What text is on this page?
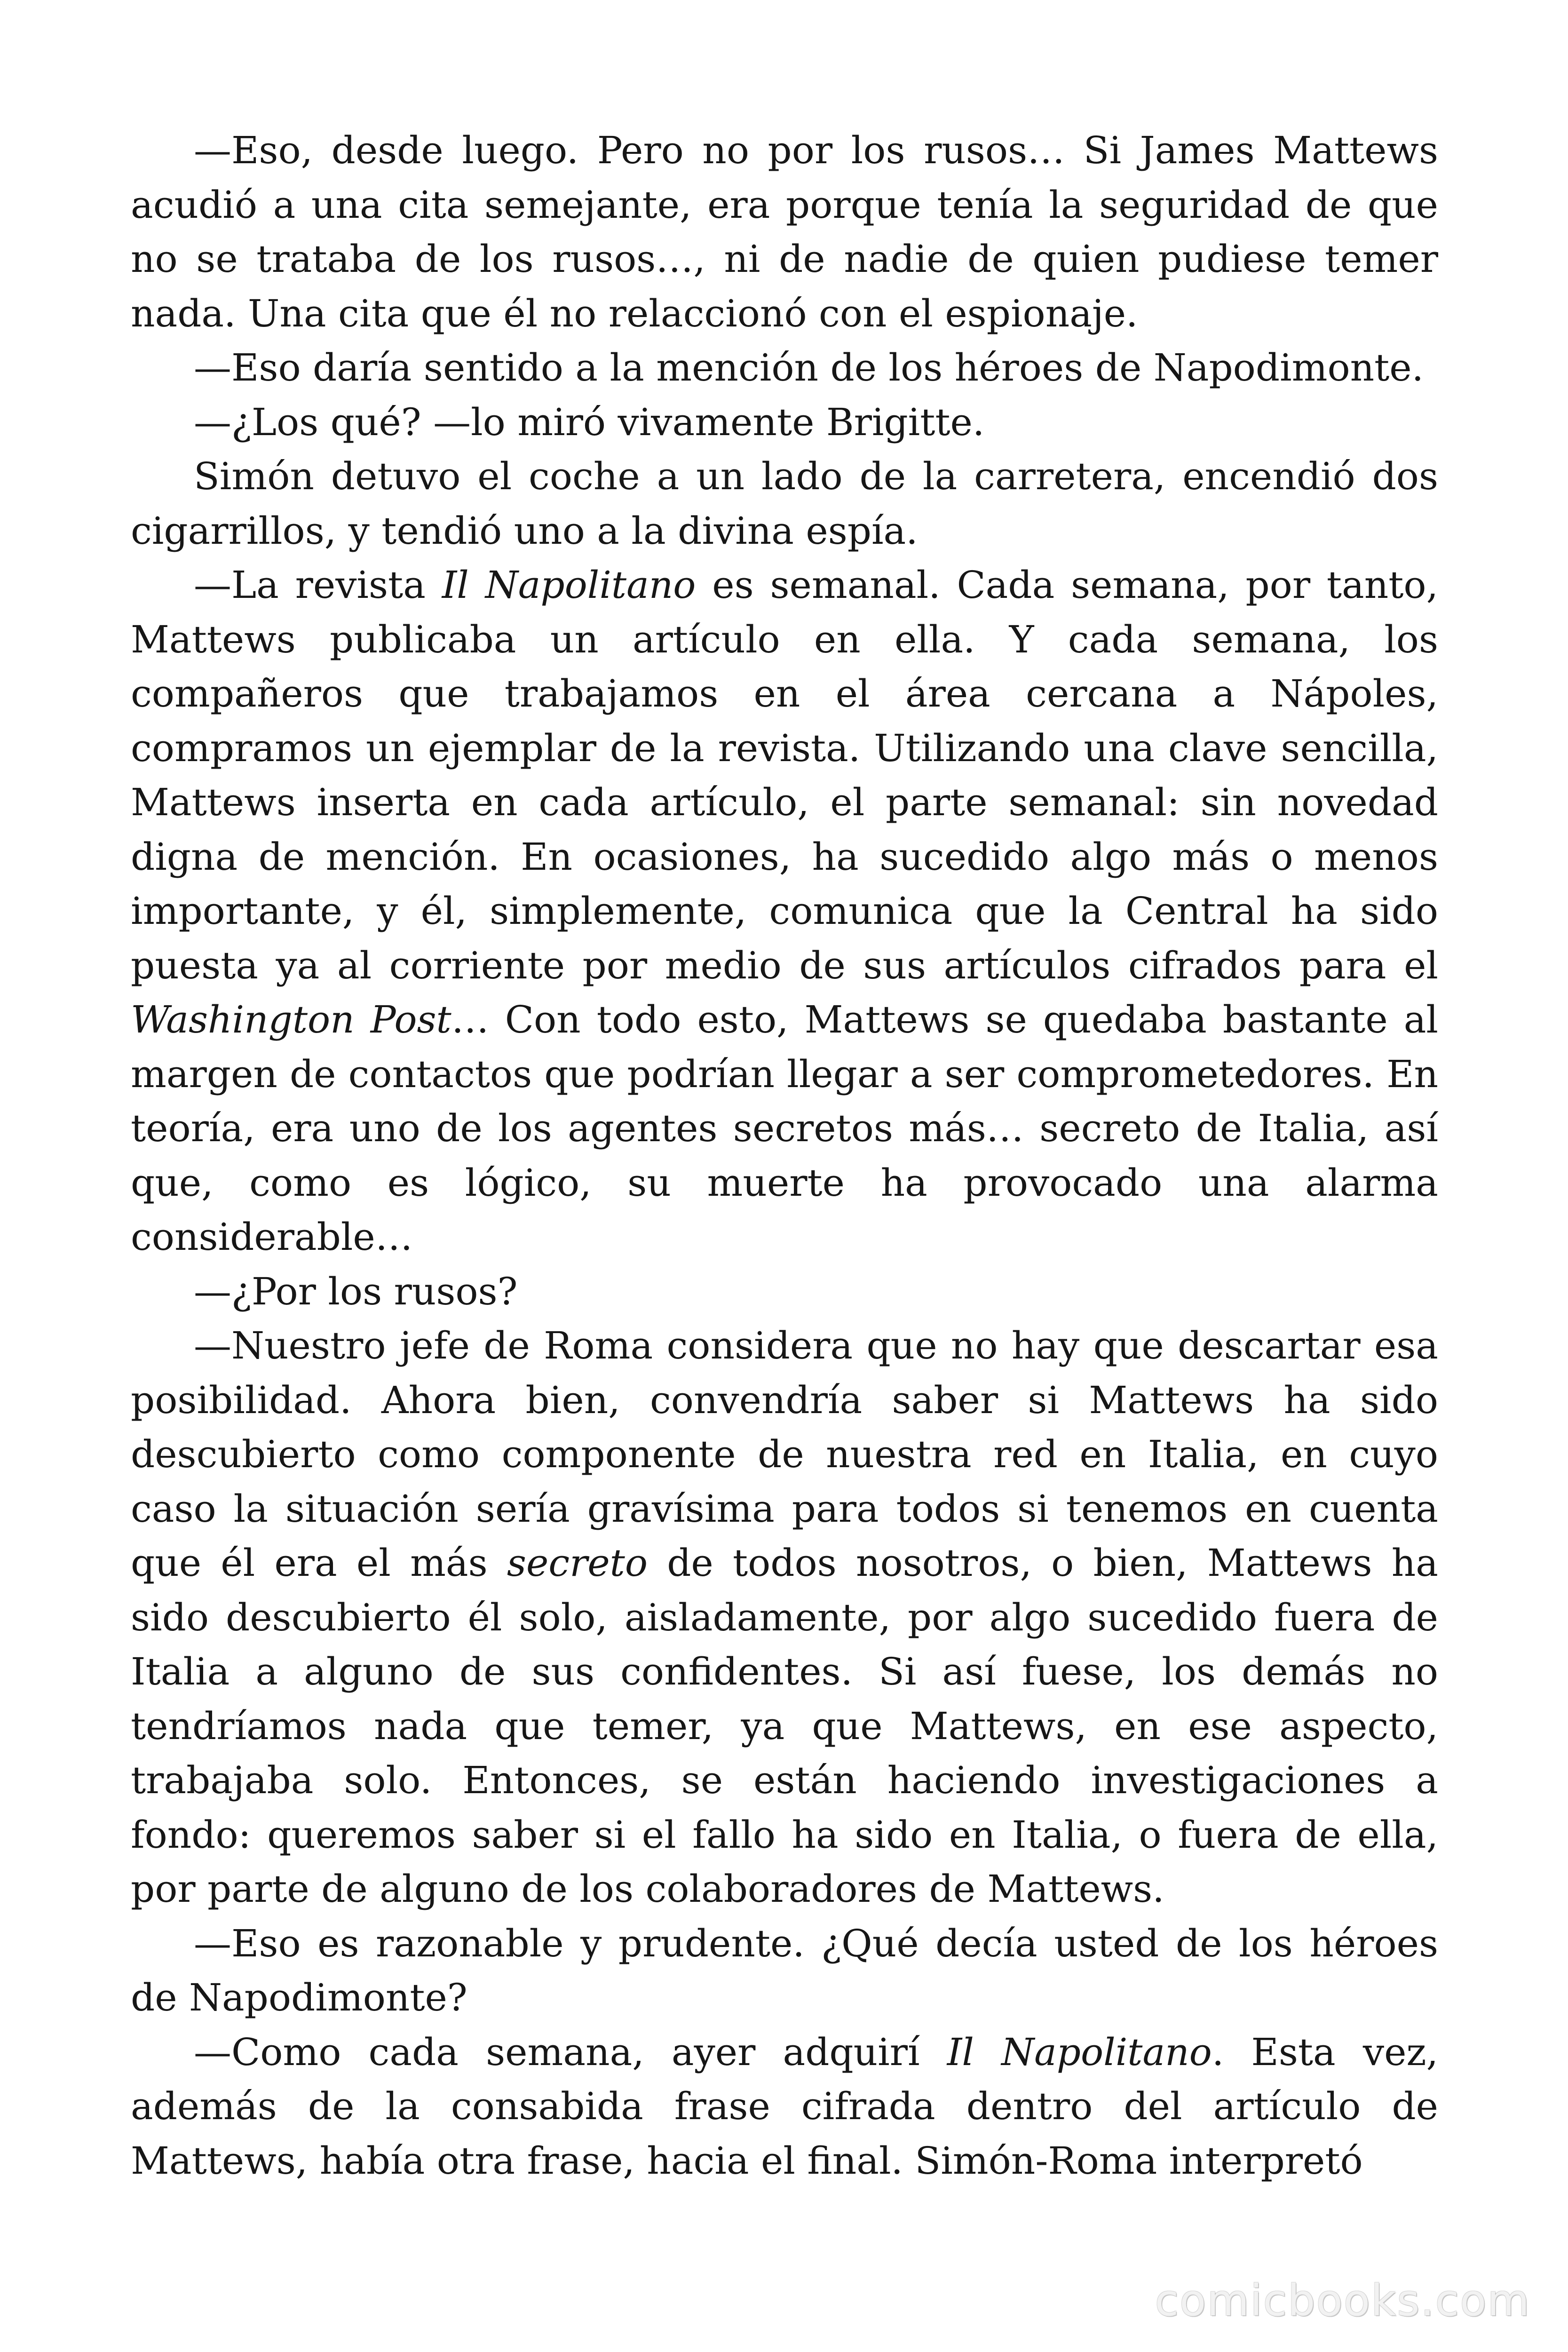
—Eso, desde luego. Pero no por los rusos… Si James Mattews acudió a una cita semejante, era porque tenía la seguridad de que no se trataba de los rusos…, ni de nadie de quien pudiese temer nada. Una cita que él no relaccionó con el espionaje.

—Eso daría sentido a la mención de los héroes de Napodimonte.

—¿Los qué? —lo miró vivamente Brigitte.

Simón detuvo el coche a un lado de la carretera, encendió dos cigarrillos, y tendió uno a la divina espía.

—La revista Il Napolitano es semanal. Cada semana, por tanto, Mattews publicaba un artículo en ella. Y cada semana, los compañeros que trabajamos en el área cercana a Nápoles, compramos un ejemplar de la revista. Utilizando una clave sencilla, Mattews inserta en cada artículo, el parte semanal: sin novedad digna de mención. En ocasiones, ha sucedido algo más o menos importante, y él, simplemente, comunica que la Central ha sido puesta ya al corriente por medio de sus artículos cifrados para el Washington Post… Con todo esto, Mattews se quedaba bastante al margen de contactos que podrían llegar a ser comprometedores. En teoría, era uno de los agentes secretos más… secreto de Italia, así que, como es lógico, su muerte ha provocado una alarma considerable…

—¿Por los rusos?

—Nuestro jefe de Roma considera que no hay que descartar esa posibilidad. Ahora bien, convendría saber si Mattews ha sido descubierto como componente de nuestra red en Italia, en cuyo caso la situación sería gravísima para todos si tenemos en cuenta que él era el más secreto de todos nosotros, o bien, Mattews ha sido descubierto él solo, aisladamente, por algo sucedido fuera de Italia a alguno de sus confidentes. Si así fuese, los demás no tendríamos nada que temer, ya que Mattews, en ese aspecto, trabajaba solo. Entonces, se están haciendo investigaciones a fondo: queremos saber si el fallo ha sido en Italia, o fuera de ella, por parte de alguno de los colaboradores de Mattews.

—Eso es razonable y prudente. ¿Qué decía usted de los héroes de Napodimonte?

—Como cada semana, ayer adquirí Il Napolitano. Esta vez, además de la consabida frase cifrada dentro del artículo de Mattews, había otra frase, hacia el final. Simón-Roma interpretó

comicbooks.com
